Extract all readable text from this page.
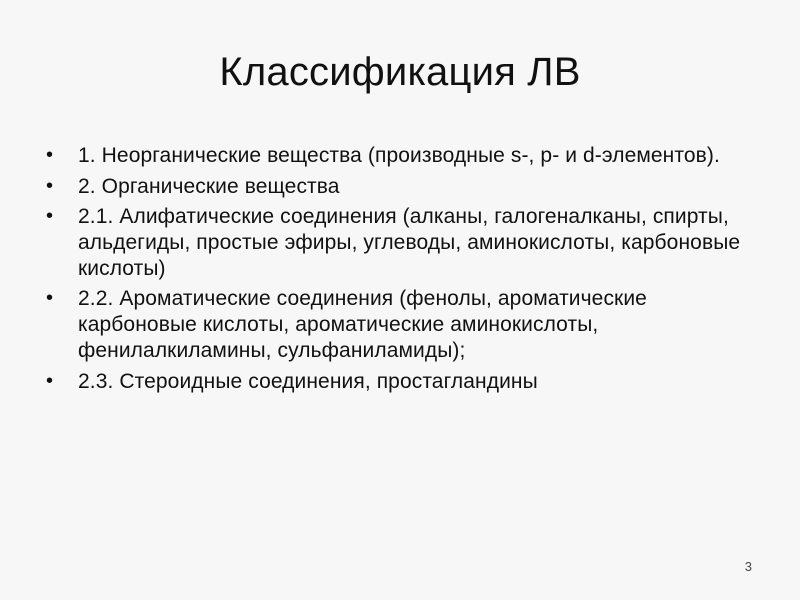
Классификация ЛВ
•	1. Неорганические вещества (производные s-, p- и d-элементов).
•	2. Органические вещества
•	2.1. Алифатические соединения (алканы, галогеналканы, спирты, альдегиды, простые эфиры, углеводы, аминокислоты, карбоновые кислоты)
•	2.2. Ароматические соединения (фенолы, ароматические карбоновые кислоты, ароматические аминокислоты, фенилалкиламины, сульфаниламиды);
•	2.3. Стероидные соединения, простагландины
3
